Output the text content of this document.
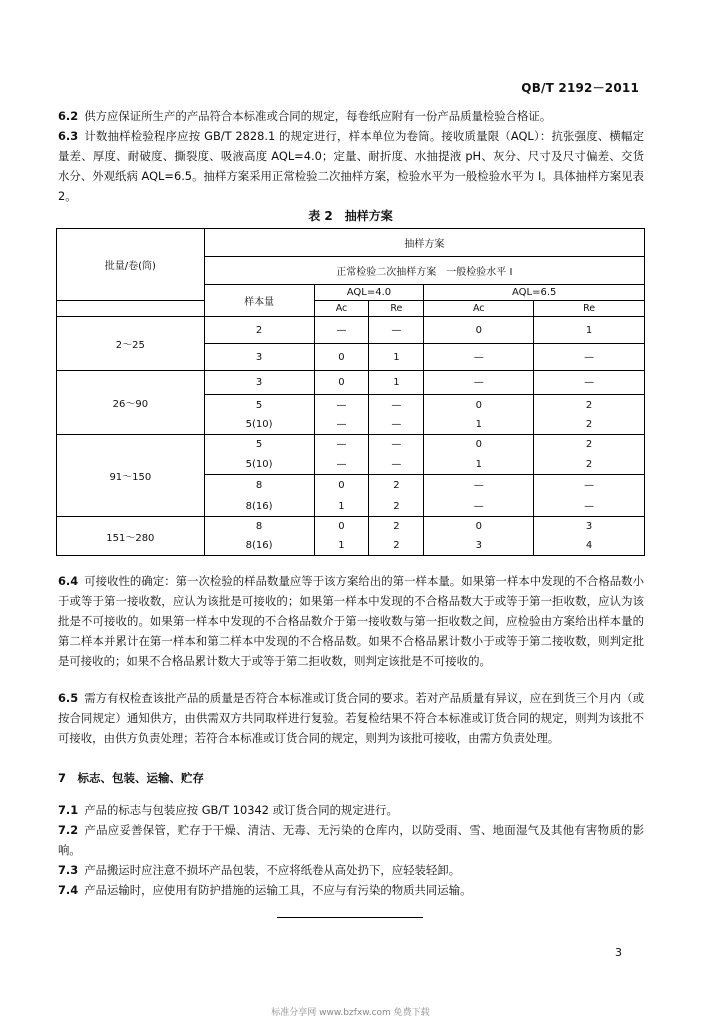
QB/T 2192－2011
6.2 供方应保证所生产的产品符合本标准或合同的规定，每卷纸应附有一份产品质量检验合格证。
6.3 计数抽样检验程序应按 GB/T 2828.1 的规定进行，样本单位为卷筒。接收质量限（AQL）：抗张强度、横幅定量差、厚度、耐破度、撕裂度、吸液高度 AQL=4.0；定量、耐折度、水抽提液 pH、灰分、尺寸及尺寸偏差、交货水分、外观纸病 AQL=6.5。抽样方案采用正常检验二次抽样方案，检验水平为一般检验水平为 I。具体抽样方案见表 2。
表 2　抽样方案
批量/卷(筒)	抽样方案				
	正常检验二次抽样方案　一般检验水平 I				
	样本量	AQL=4.0		AQL=6.5	
		Ac	Re	Ac	Re
2～25	2	—	—	0	1
	3	0	1	—	—
26～90	3	0	1	—	—
	5	—	—	0	2
	5(10)	—	—	1	2
91～150	5	—	—	0	2
	5(10)	—	—	1	2
	8	0	2	—	—
	8(16)	1	2	—	—
151～280	8	0	2	0	3
	8(16)	1	2	3	4
6.4 可接收性的确定：第一次检验的样品数量应等于该方案给出的第一样本量。如果第一样本中发现的不合格品数小于或等于第一接收数，应认为该批是可接收的；如果第一样本中发现的不合格品数大于或等于第一拒收数，应认为该批是不可接收的。如果第一样本中发现的不合格品数介于第一接收数与第一拒收数之间，应检验由方案给出样本量的第二样本并累计在第一样本和第二样本中发现的不合格品数。如果不合格品累计数小于或等于第二接收数，则判定批是可接收的；如果不合格品累计数大于或等于第二拒收数，则判定该批是不可接收的。
6.5 需方有权检查该批产品的质量是否符合本标准或订货合同的要求。若对产品质量有异议，应在到货三个月内（或按合同规定）通知供方，由供需双方共同取样进行复验。若复检结果不符合本标准或订货合同的规定，则判为该批不可接收，由供方负责处理；若符合本标准或订货合同的规定，则判为该批可接收，由需方负责处理。
7　标志、包装、运输、贮存
7.1 产品的标志与包装应按 GB/T 10342 或订货合同的规定进行。
7.2 产品应妥善保管，贮存于干燥、清洁、无毒、无污染的仓库内，以防受雨、雪、地面湿气及其他有害物质的影响。
7.3 产品搬运时应注意不损坏产品包装，不应将纸卷从高处扔下，应轻装轻卸。
7.4 产品运输时，应使用有防护措施的运输工具，不应与有污染的物质共同运输。
3
标准分享网 www.bzfxw.com 免费下载
